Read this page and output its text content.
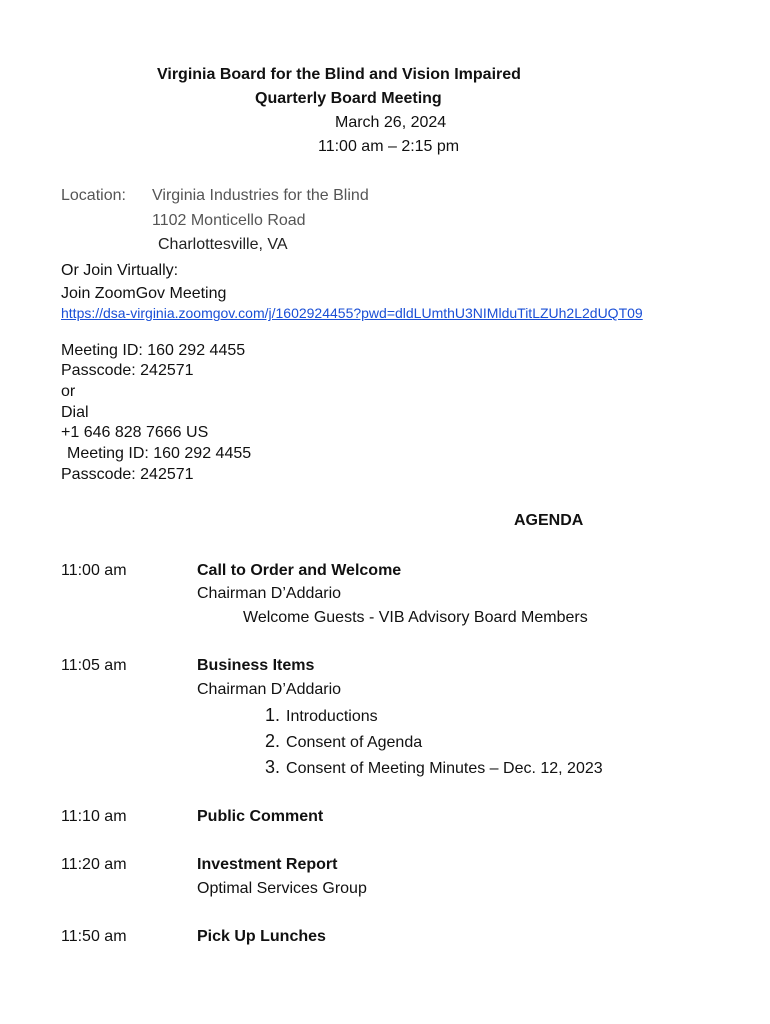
Virginia Board for the Blind and Vision Impaired
Quarterly Board Meeting
March 26, 2024
11:00 am – 2:15 pm
Location: Virginia Industries for the Blind
1102 Monticello Road
Charlottesville, VA
Or Join Virtually:
Join ZoomGov Meeting
https://dsa-virginia.zoomgov.com/j/1602924455?pwd=dldLUmthU3NIMlduTitLZUh2L2dUQT09
Meeting ID: 160 292 4455
Passcode: 242571
or
Dial
+1 646 828 7666 US
Meeting ID: 160 292 4455
Passcode: 242571
AGENDA
11:00 am	Call to Order and Welcome
Chairman D’Addario
Welcome Guests - VIB Advisory Board Members
11:05 am	Business Items
Chairman D’Addario
1. Introductions
2. Consent of Agenda
3. Consent of Meeting Minutes – Dec. 12, 2023
11:10 am	Public Comment
11:20 am	Investment Report
Optimal Services Group
11:50 am	Pick Up Lunches
